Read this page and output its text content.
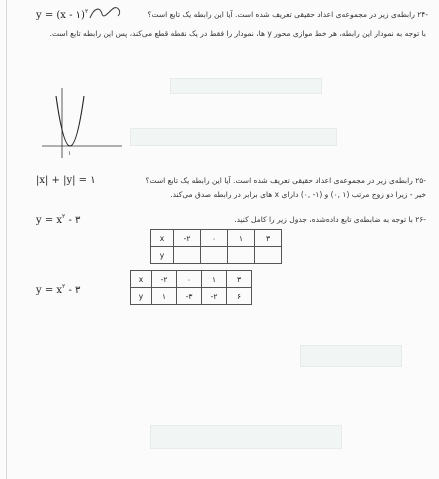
y = (x - ۱)$^۲$	-۲۴ رابطه‌ی زیر در مجموعه‌ی اعداد حقیقی تعریف شده است. آیا این رابطه یک تابع است؟
با توجه به نمودار این رابطه، هر خط موازی محور y ها، نمودار را فقط در یک نقطه قطع می‌کند، پس این رابطه تابع است.
۱
|x| + |y| = ۱	-۲۵ رابطه‌ی زیر در مجموعه‌ی اعداد حقیقی تعریف شده است. آیا این رابطه یک تابع است؟
خیر - زیرا دو زوج مرتب (۱ ,۰) و (۱- ,۰) دارای x های برابر در رابطه صدق می‌کند.
$y = x^۲$ - ۳	-۲۶ با توجه به ضابطه‌ی تابع داده‌شده، جدول زیر را کامل کنید.
x	-۲	۰	۱	۳
y				
$y = x^۲$ - ۳
x	-۲	۰	۱	۳
y	۱	-۳	-۲	۶
